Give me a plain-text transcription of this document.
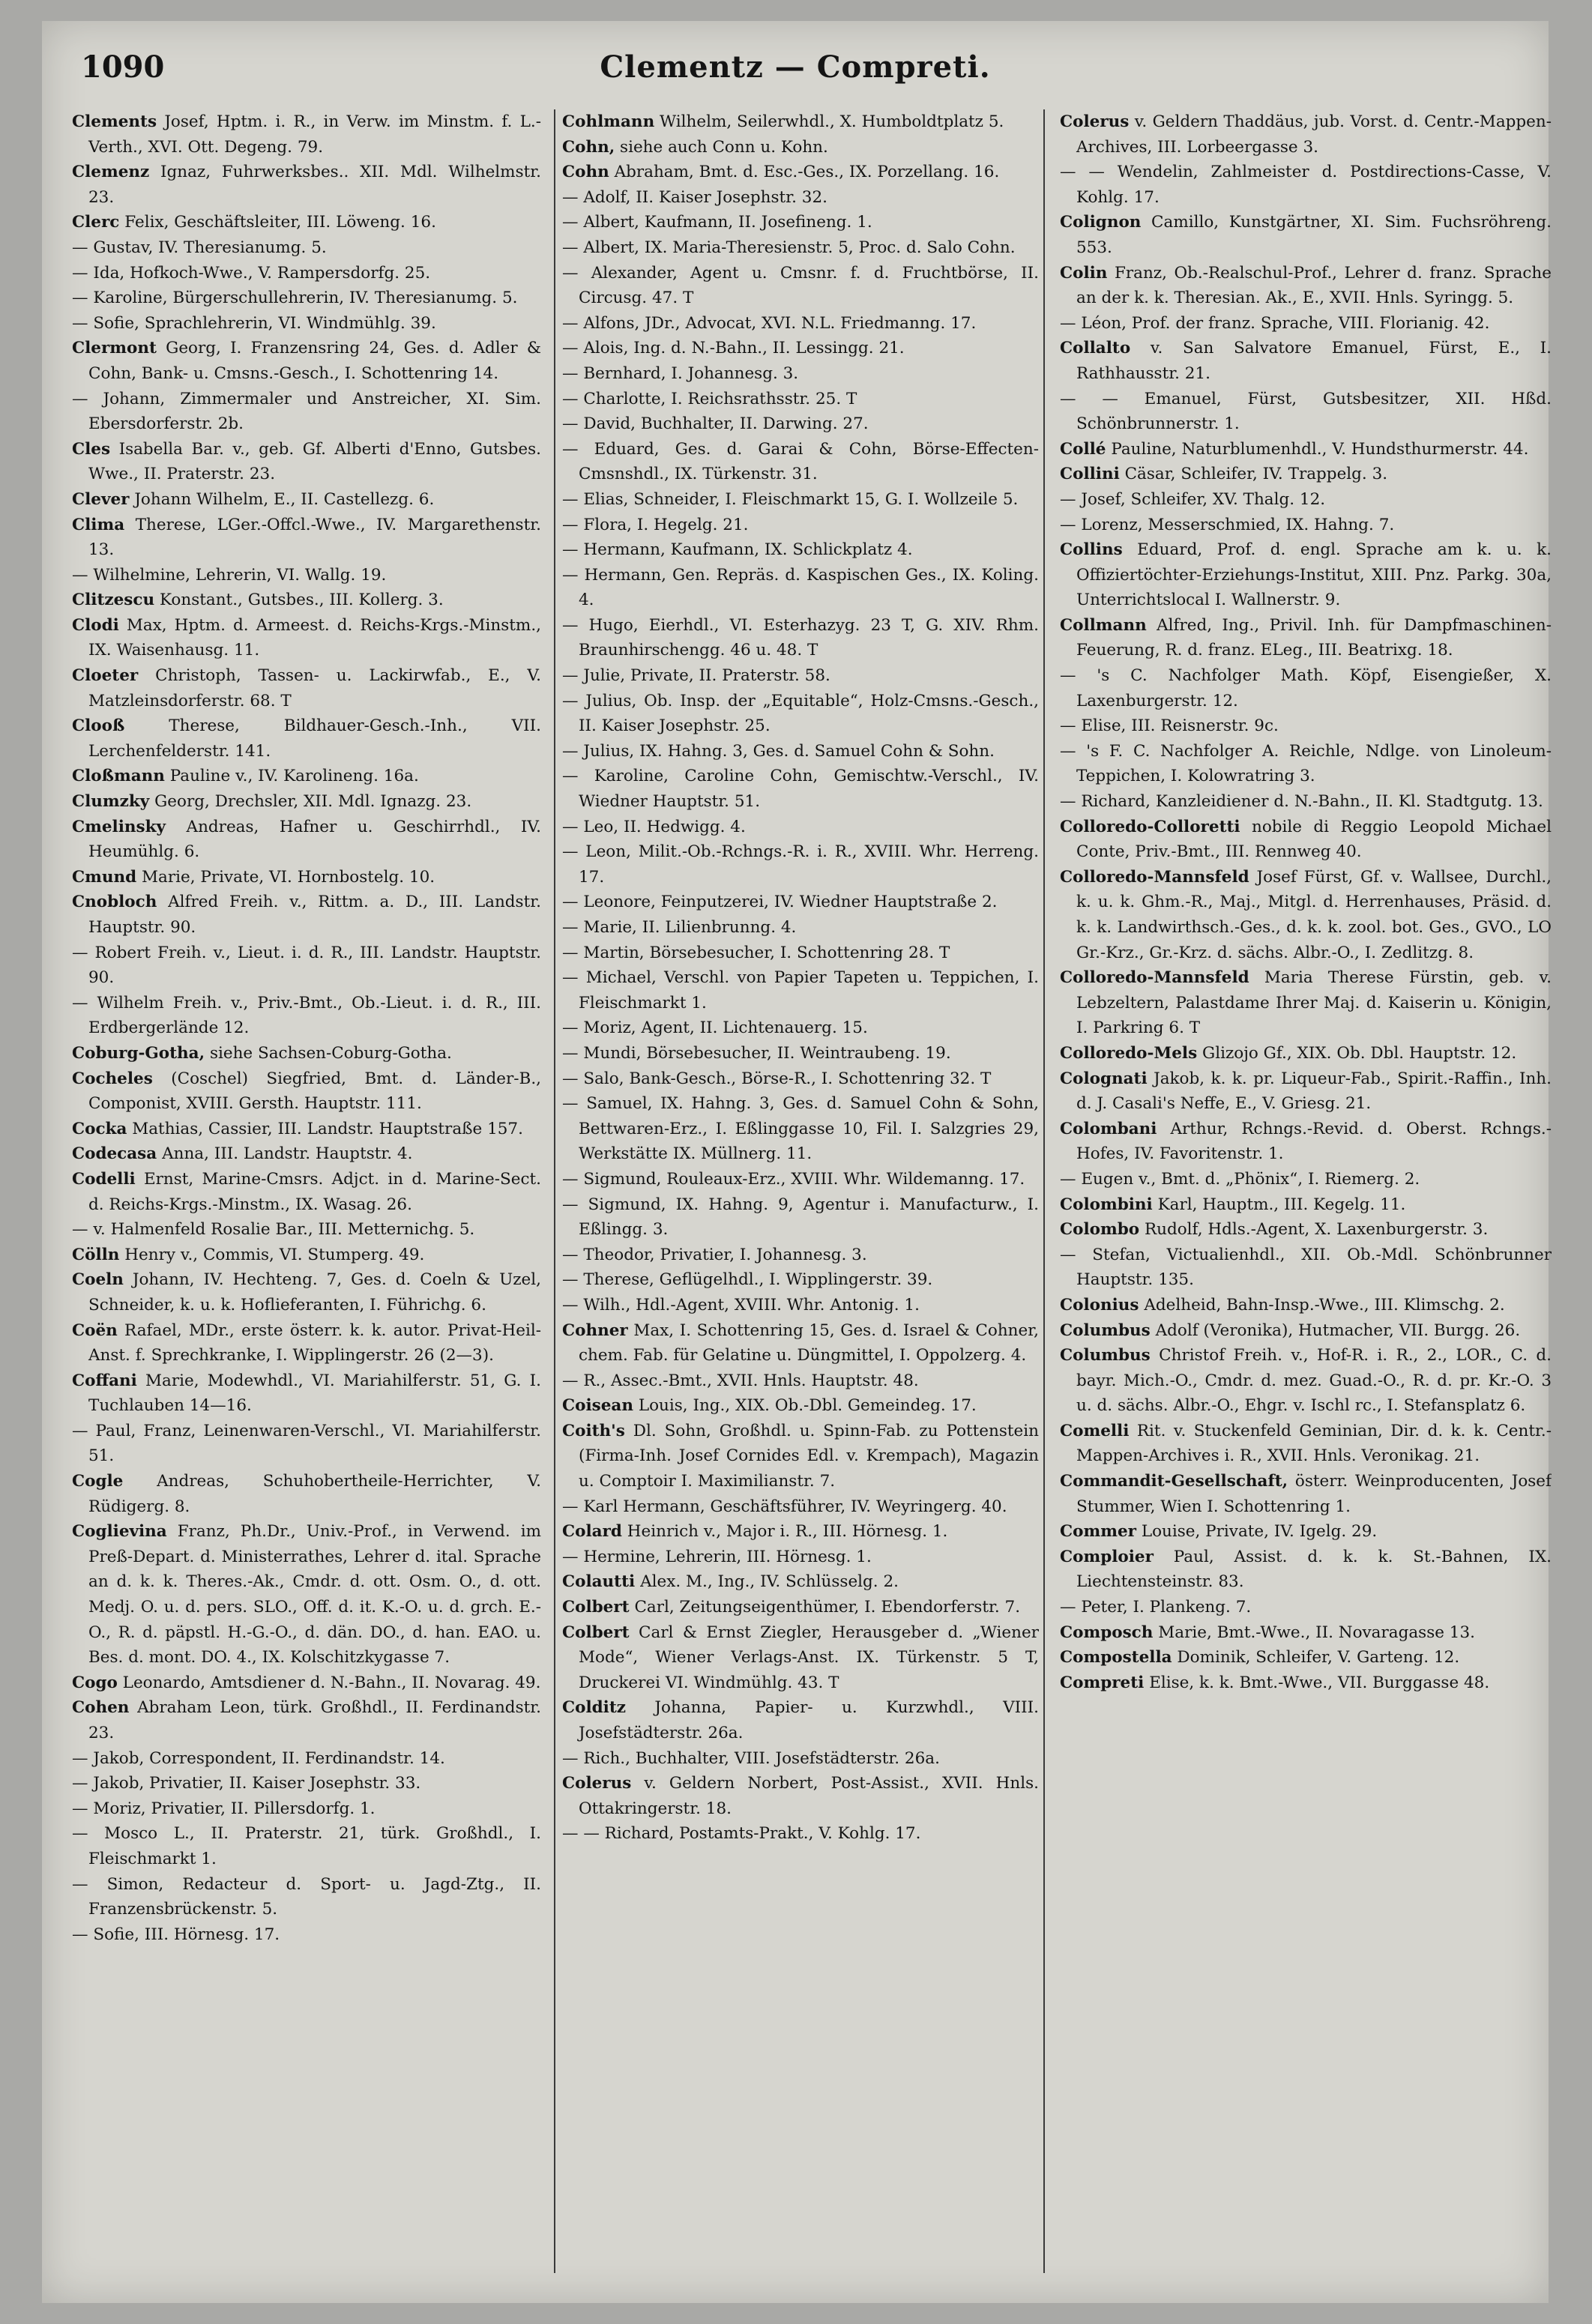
1090	Clementz — Compreti.

Clements Josef, Hptm. i. R., in Verw. im Minstm. f. L.-Verth., XVI. Ott. Degeng. 79.

Clemenz Ignaz, Fuhrwerksbes.. XII. Mdl. Wilhelmstr. 23.

Clerc Felix, Geschäftsleiter, III. Löweng. 16.

— Gustav, IV. Theresianumg. 5.

— Ida, Hofkoch-Wwe., V. Rampersdorfg. 25.

— Karoline, Bürgerschullehrerin, IV. Theresianumg. 5.

— Sofie, Sprachlehrerin, VI. Windmühlg. 39.

Clermont Georg, I. Franzensring 24, Ges. d. Adler & Cohn, Bank- u. Cmsns.-Gesch., I. Schottenring 14.

— Johann, Zimmermaler und Anstreicher, XI. Sim. Ebersdorferstr. 2b.

Cles Isabella Bar. v., geb. Gf. Alberti d'Enno, Gutsbes. Wwe., II. Praterstr. 23.

Clever Johann Wilhelm, E., II. Castellezg. 6.

Clima Therese, LGer.-Offcl.-Wwe., IV. Margarethenstr. 13.

— Wilhelmine, Lehrerin, VI. Wallg. 19.

Clitzescu Konstant., Gutsbes., III. Kollerg. 3.

Clodi Max, Hptm. d. Armeest. d. Reichs-Krgs.-Minstm., IX. Waisenhausg. 11.

Cloeter Christoph, Tassen- u. Lackirwfab., E., V. Matzleinsdorferstr. 68. T

Clooß	Therese, Bildhauer-Gesch.-Inh., VII. Lerchenfelderstr. 141.

Cloßmann Pauline v., IV. Karolineng. 16a.

Clumzky Georg, Drechsler, XII. Mdl. Ignazg. 23.

Cmelinsky Andreas, Hafner u. Geschirrhdl., IV. Heumühlg. 6.

Cmund Marie, Private, VI. Hornbostelg. 10.

Cnobloch Alfred Freih. v., Rittm. a. D., III. Landstr. Hauptstr. 90.

— Robert Freih. v., Lieut. i. d. R., III. Landstr. Hauptstr. 90.

— Wilhelm Freih. v., Priv.-Bmt., Ob.-Lieut. i. d. R., III. Erdbergerlände 12.

Coburg-Gotha, siehe Sachsen-Coburg-Gotha.

Cocheles (Coschel) Siegfried, Bmt. d. Länder-B., Componist, XVIII. Gersth. Hauptstr. 111.

Cocka Mathias, Cassier, III. Landstr. Hauptstraße 157.

Codecasa Anna, III. Landstr. Hauptstr. 4.

Codelli Ernst, Marine-Cmsrs. Adjct. in d. Marine-Sect. d. Reichs-Krgs.-Minstm., IX. Wasag. 26.

— v. Halmenfeld Rosalie Bar., III. Metternichg. 5.

Cölln Henry v., Commis, VI. Stumperg. 49.

Coeln Johann, IV. Hechteng. 7, Ges. d. Coeln & Uzel, Schneider, k. u. k. Hoflieferanten, I. Führichg. 6.

Coën Rafael, MDr., erste österr. k. k. autor. Privat-Heil-Anst. f. Sprechkranke, I. Wipplingerstr. 26 (2—3).

Coffani Marie, Modewhdl., VI. Mariahilferstr. 51, G. I. Tuchlauben 14—16.

— Paul, Franz, Leinenwaren-Verschl., VI. Mariahilferstr. 51.

Cogle Andreas, Schuhobertheile-Herrichter, V. Rüdigerg. 8.

Coglievina Franz, Ph.Dr., Univ.-Prof., in Verwend. im Preß-Depart. d. Ministerrathes, Lehrer d. ital. Sprache an d. k. k. Theres.-Ak., Cmdr. d. ott. Osm. O., d. ott. Medj. O. u. d. pers. SLO., Off. d. it. K.-O. u. d. grch. E.-O., R. d. päpstl. H.-G.-O., d. dän. DO., d. han. EAO. u. Bes. d. mont. DO. 4., IX. Kolschitzkygasse 7.

Cogo Leonardo, Amtsdiener d. N.-Bahn., II. Novarag. 49.

Cohen Abraham Leon, türk. Großhdl., II. Ferdinandstr. 23.

— Jakob, Correspondent, II. Ferdinandstr. 14.

— Jakob, Privatier, II. Kaiser Josephstr. 33.

— Moriz, Privatier, II. Pillersdorfg. 1.

— Mosco L., II. Praterstr. 21, türk. Großhdl., I. Fleischmarkt 1.

— Simon, Redacteur d. Sport- u. Jagd-Ztg., II. Franzensbrückenstr. 5.

— Sofie, III. Hörnesg. 17.

Cohlmann Wilhelm, Seilerwhdl., X. Humboldtplatz 5.

Cohn, siehe auch Conn u. Kohn.

Cohn Abraham, Bmt. d. Esc.-Ges., IX. Porzellang. 16.

— Adolf, II. Kaiser Josephstr. 32.

— Albert, Kaufmann, II. Josefineng. 1.

— Albert, IX. Maria-Theresienstr. 5, Proc. d. Salo Cohn.

— Alexander, Agent u. Cmsnr. f. d. Fruchtbörse, II. Circusg. 47. T

— Alfons, JDr., Advocat, XVI. N.L. Friedmanng. 17.

— Alois, Ing. d. N.-Bahn., II. Lessingg. 21.

— Bernhard, I. Johannesg. 3.

— Charlotte, I. Reichsrathsstr. 25. T

— David, Buchhalter, II. Darwing. 27.

— Eduard, Ges. d. Garai & Cohn, Börse-Effecten-Cmsnshdl., IX. Türkenstr. 31.

— Elias, Schneider, I. Fleischmarkt 15, G. I. Wollzeile 5.

— Flora, I. Hegelg. 21.

— Hermann, Kaufmann, IX. Schlickplatz 4.

— Hermann, Gen. Repräs. d. Kaspischen Ges., IX. Koling. 4.

— Hugo, Eierhdl., VI. Esterhazyg. 23 T, G. XIV. Rhm. Braunhirschengg. 46 u. 48. T

— Julie, Private, II. Praterstr. 58.

— Julius, Ob. Insp. der „Equitable“, Holz-Cmsns.-Gesch., II. Kaiser Josephstr. 25.

— Julius, IX. Hahng. 3, Ges. d. Samuel Cohn & Sohn.

— Karoline, Caroline Cohn, Gemischtw.-Verschl., IV. Wiedner Hauptstr. 51.

— Leo, II. Hedwigg. 4.

— Leon, Milit.-Ob.-Rchngs.-R. i. R., XVIII. Whr. Herreng. 17.

— Leonore, Feinputzerei, IV. Wiedner Hauptstraße 2.

— Marie, II. Lilienbrunng. 4.

— Martin, Börsebesucher, I. Schottenring 28. T

— Michael, Verschl. von Papier Tapeten u. Teppichen, I. Fleischmarkt 1.

— Moriz, Agent, II. Lichtenauerg. 15.

— Mundi, Börsebesucher, II. Weintraubeng. 19.

— Salo, Bank-Gesch., Börse-R., I. Schottenring 32. T

— Samuel, IX. Hahng. 3, Ges. d. Samuel Cohn & Sohn, Bettwaren-Erz., I. Eßlinggasse 10, Fil. I. Salzgries 29, Werkstätte IX. Müllnerg. 11.

— Sigmund, Rouleaux-Erz., XVIII. Whr. Wildemanng. 17.

— Sigmund, IX. Hahng. 9, Agentur i. Manufacturw., I. Eßlingg. 3.

— Theodor, Privatier, I. Johannesg. 3.

— Therese, Geflügelhdl., I. Wipplingerstr. 39.

— Wilh., Hdl.-Agent, XVIII. Whr. Antonig. 1.

Cohner Max, I. Schottenring 15, Ges. d. Israel & Cohner, chem. Fab. für Gelatine u. Düngmittel, I. Oppolzerg. 4.

— R., Assec.-Bmt., XVII. Hnls. Hauptstr. 48.

Coisean Louis, Ing., XIX. Ob.-Dbl. Gemeindeg. 17.

Coith's Dl. Sohn, Großhdl. u. Spinn-Fab. zu Pottenstein (Firma-Inh. Josef Cornides Edl. v. Krempach), Magazin u. Comptoir I. Maximilianstr. 7.

— Karl Hermann, Geschäftsführer, IV. Weyringerg. 40.

Colard Heinrich v., Major i. R., III. Hörnesg. 1.

— Hermine, Lehrerin, III. Hörnesg. 1.

Colautti Alex. M., Ing., IV. Schlüsselg. 2.

Colbert Carl, Zeitungseigenthümer, I. Ebendorferstr. 7.

Colbert Carl & Ernst Ziegler, Herausgeber d. „Wiener Mode“, Wiener Verlags-Anst. IX. Türkenstr. 5 T, Druckerei VI. Windmühlg. 43. T

Colditz Johanna, Papier- u. Kurzwhdl., VIII. Josefstädterstr. 26a.

— Rich., Buchhalter, VIII. Josefstädterstr. 26a.

Colerus v. Geldern Norbert, Post-Assist., XVII. Hnls. Ottakringerstr. 18.

— — Richard, Postamts-Prakt., V. Kohlg. 17.

Colerus v. Geldern Thaddäus, jub. Vorst. d. Centr.-Mappen-Archives, III. Lorbeergasse 3.

— — Wendelin, Zahlmeister d. Postdirections-Casse, V. Kohlg. 17.

Colignon Camillo, Kunstgärtner, XI. Sim. Fuchsröhreng. 553.

Colin Franz, Ob.-Realschul-Prof., Lehrer d. franz. Sprache an der k. k. Theresian. Ak., E., XVII. Hnls. Syringg. 5.

— Léon, Prof. der franz. Sprache, VIII. Florianig. 42.

Collalto v. San Salvatore Emanuel, Fürst, E., I. Rathhausstr. 21.

— — Emanuel, Fürst, Gutsbesitzer, XII. Hßd. Schönbrunnerstr. 1.

Collé Pauline, Naturblumenhdl., V. Hundsthurmerstr. 44.

Collini Cäsar, Schleifer, IV. Trappelg. 3.

— Josef, Schleifer, XV. Thalg. 12.

— Lorenz, Messerschmied, IX. Hahng. 7.

Collins Eduard, Prof. d. engl. Sprache am k. u. k. Offiziertöchter-Erziehungs-Institut, XIII. Pnz. Parkg. 30a, Unterrichtslocal I. Wallnerstr. 9.

Collmann Alfred, Ing., Privil. Inh. für Dampfmaschinen-Feuerung, R. d. franz. ELeg., III. Beatrixg. 18.

— 's C. Nachfolger Math. Köpf, Eisengießer, X. Laxenburgerstr. 12.

— Elise, III. Reisnerstr. 9c.

— 's F. C. Nachfolger A. Reichle, Ndlge. von Linoleum-Teppichen, I. Kolowratring 3.

— Richard, Kanzleidiener d. N.-Bahn., II. Kl. Stadtgutg. 13.

Colloredo-Colloretti nobile di Reggio Leopold Michael Conte, Priv.-Bmt., III. Rennweg 40.

Colloredo-Mannsfeld Josef Fürst, Gf. v. Wallsee, Durchl., k. u. k. Ghm.-R., Maj., Mitgl. d. Herrenhauses, Präsid. d. k. k. Landwirthsch.-Ges., d. k. k. zool. bot. Ges., GVO., LO Gr.-Krz., Gr.-Krz. d. sächs. Albr.-O., I. Zedlitzg. 8.

Colloredo-Mannsfeld Maria Therese Fürstin, geb. v. Lebzeltern, Palastdame Ihrer Maj. d. Kaiserin u. Königin, I. Parkring 6. T

Colloredo-Mels Glizojo Gf., XIX. Ob. Dbl. Hauptstr. 12.

Colognati Jakob, k. k. pr. Liqueur-Fab., Spirit.-Raffin., Inh. d. J. Casali's Neffe, E., V. Griesg. 21.

Colombani Arthur, Rchngs.-Revid. d. Oberst. Rchngs.-Hofes, IV. Favoritenstr. 1.

— Eugen v., Bmt. d. „Phönix“, I. Riemerg. 2.

Colombini Karl, Hauptm., III. Kegelg. 11.

Colombo Rudolf, Hdls.-Agent, X. Laxenburgerstr. 3.

— Stefan, Victualienhdl., XII. Ob.-Mdl. Schönbrunner Hauptstr. 135.

Colonius Adelheid, Bahn-Insp.-Wwe., III. Klimschg. 2.

Columbus Adolf (Veronika), Hutmacher, VII. Burgg. 26.

Columbus Christof Freih. v., Hof-R. i. R., 2., LOR., C. d. bayr. Mich.-O., Cmdr. d. mez. Guad.-O., R. d. pr. Kr.-O. 3 u. d. sächs. Albr.-O., Ehgr. v. Ischl rc., I. Stefansplatz 6.

Comelli Rit. v. Stuckenfeld Geminian, Dir. d. k. k. Centr.-Mappen-Archives i. R., XVII. Hnls. Veronikag. 21.

Commandit-Gesellschaft, österr. Weinproducenten, Josef Stummer, Wien I. Schottenring 1.

Commer Louise, Private, IV. Igelg. 29.

Comploier Paul, Assist. d. k. k. St.-Bahnen, IX. Liechtensteinstr. 83.

— Peter, I. Plankeng. 7.

Composch Marie, Bmt.-Wwe., II. Novaragasse 13.

Compostella Dominik, Schleifer, V. Garteng. 12.

Compreti Elise, k. k. Bmt.-Wwe., VII. Burggasse 48.
